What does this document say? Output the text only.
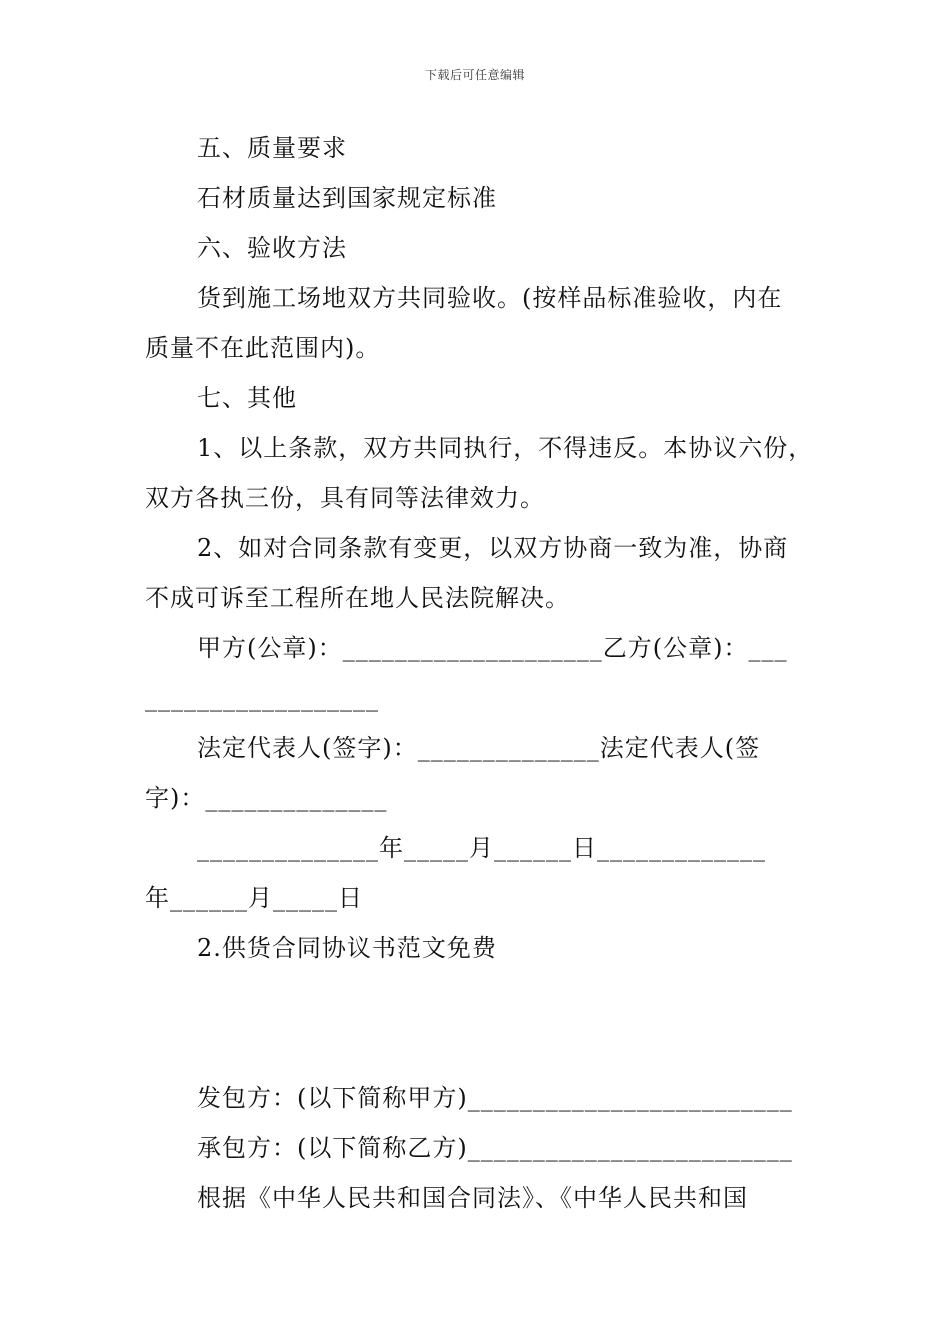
下载后可任意编辑
五、质量要求
石材质量达到国家规定标准
六、验收方法
货到施工场地双方共同验收。(按样品标准验收，内在
质量不在此范围内)。
七、其他
1、以上条款，双方共同执行，不得违反。本协议六份，
双方各执三份，具有同等法律效力。
2、如对合同条款有变更，以双方协商一致为准，协商
不成可诉至工程所在地人民法院解决。
甲方(公章)：____________________乙方(公章)：___
__________________
法定代表人(签字)：______________法定代表人(签
字)：______________
______________年_____月______日_____________
年______月_____日
2.供货合同协议书范文免费
发包方：(以下简称甲方)_________________________
承包方：(以下简称乙方)_________________________
根据《中华人民共和国合同法》、《中华人民共和国
